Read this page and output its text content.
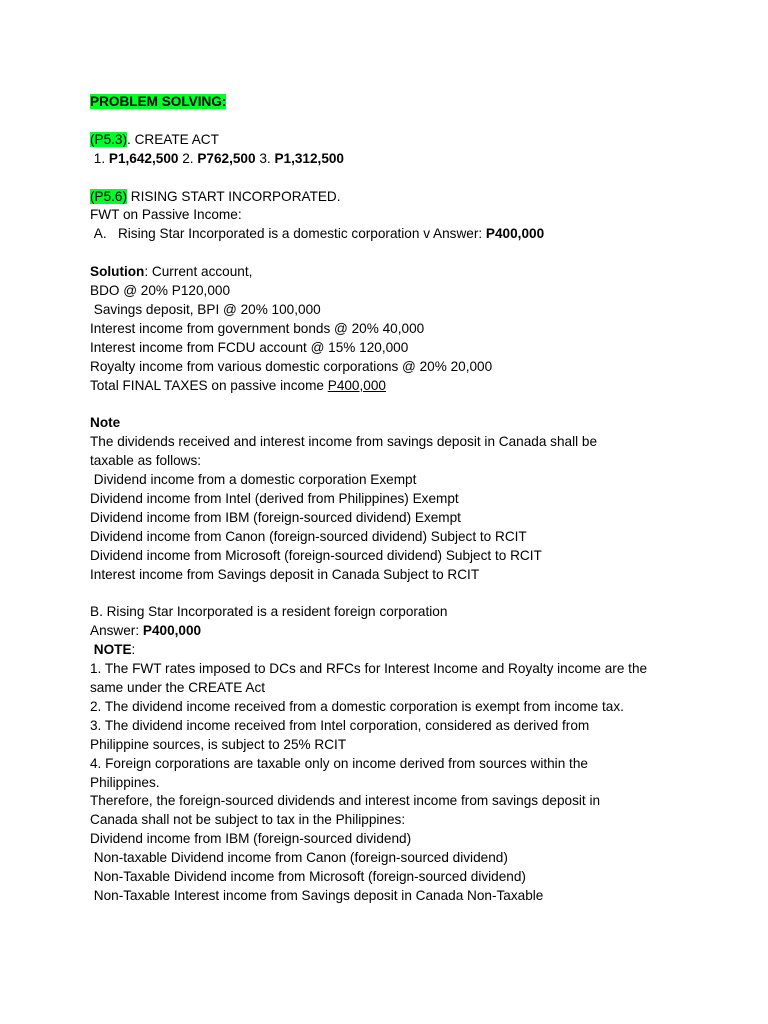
PROBLEM SOLVING:
(P5.3). CREATE ACT
1. P1,642,500 2. P762,500 3. P1,312,500
(P5.6) RISING START INCORPORATED.
FWT on Passive Income:
A.   Rising Star Incorporated is a domestic corporation v Answer: P400,000
Solution: Current account,
BDO @ 20% P120,000
Savings deposit, BPI @ 20% 100,000
Interest income from government bonds @ 20% 40,000
Interest income from FCDU account @ 15% 120,000
Royalty income from various domestic corporations @ 20% 20,000
Total FINAL TAXES on passive income P400,000
Note
The dividends received and interest income from savings deposit in Canada shall be
taxable as follows:
Dividend income from a domestic corporation Exempt
Dividend income from Intel (derived from Philippines) Exempt
Dividend income from IBM (foreign-sourced dividend) Exempt
Dividend income from Canon (foreign-sourced dividend) Subject to RCIT
Dividend income from Microsoft (foreign-sourced dividend) Subject to RCIT
Interest income from Savings deposit in Canada Subject to RCIT
B. Rising Star Incorporated is a resident foreign corporation
Answer: P400,000
NOTE:
1. The FWT rates imposed to DCs and RFCs for Interest Income and Royalty income are the
same under the CREATE Act
2. The dividend income received from a domestic corporation is exempt from income tax.
3. The dividend income received from Intel corporation, considered as derived from
Philippine sources, is subject to 25% RCIT
4. Foreign corporations are taxable only on income derived from sources within the
Philippines.
Therefore, the foreign-sourced dividends and interest income from savings deposit in
Canada shall not be subject to tax in the Philippines:
Dividend income from IBM (foreign-sourced dividend)
Non-taxable Dividend income from Canon (foreign-sourced dividend)
Non-Taxable Dividend income from Microsoft (foreign-sourced dividend)
Non-Taxable Interest income from Savings deposit in Canada Non-Taxable
